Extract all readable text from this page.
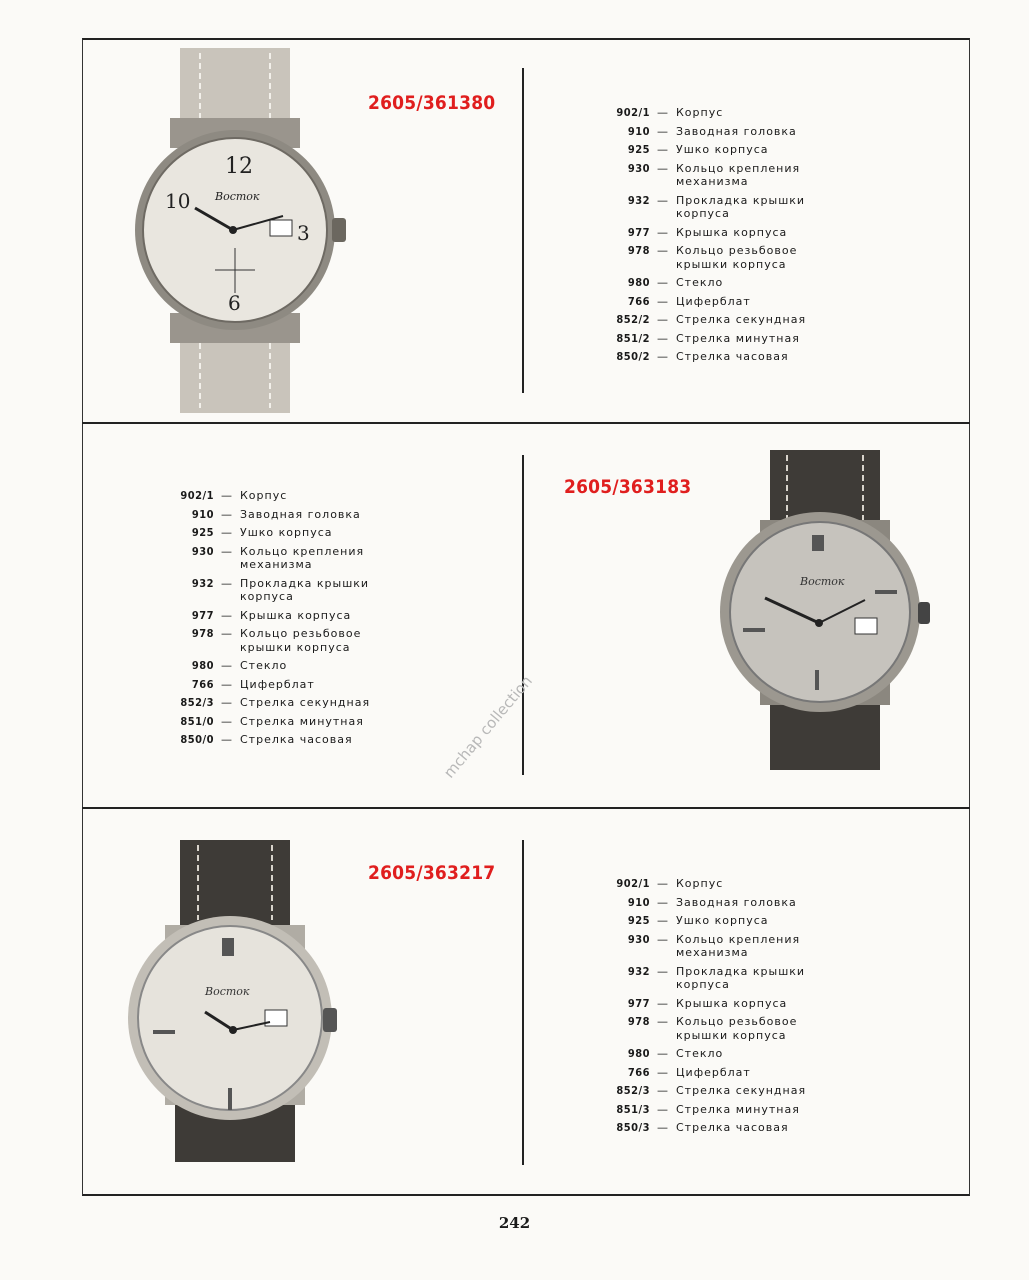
12
10
3
6
Восток
2605/361380	902/1 — Корпус
910 — Заводная головка
925 — Ушко корпуса
930 — Кольцо крепления механизма
932 — Прокладка крышки корпуса
977 — Крышка корпуса
978 — Кольцо резьбовое крышки корпуса
980 — Стекло
766 — Циферблат
852/2 — Стрелка секундная
851/2 — Стрелка минутная
850/2 — Стрелка часовая
902/1 — Корпус
910 — Заводная головка
925 — Ушко корпуса
930 — Кольцо крепления механизма
932 — Прокладка крышки корпуса
977 — Крышка корпуса
978 — Кольцо резьбовое крышки корпуса
980 — Стекло
766 — Циферблат
852/3 — Стрелка секундная
851/0 — Стрелка минутная
850/0 — Стрелка часовая
2605/363183
Восток
Восток
2605/363217	902/1 — Корпус
910 — Заводная головка
925 — Ушко корпуса
930 — Кольцо крепления механизма
932 — Прокладка крышки корпуса
977 — Крышка корпуса
978 — Кольцо резьбовое крышки корпуса
980 — Стекло
766 — Циферблат
852/3 — Стрелка секундная
851/3 — Стрелка минутная
850/3 — Стрелка часовая
mchap collection
242
